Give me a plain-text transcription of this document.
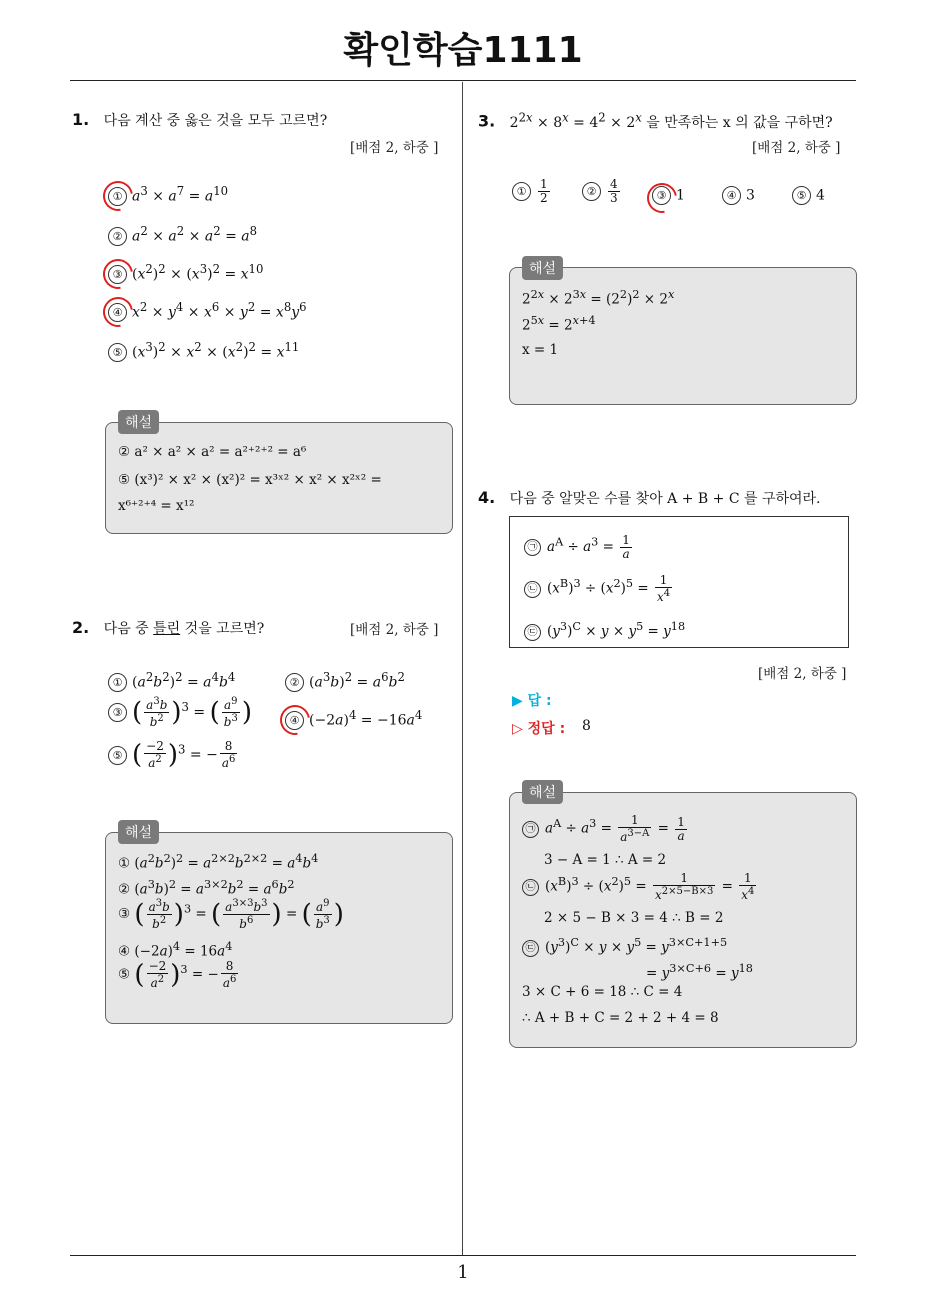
확인학습1111
1. 다음 계산 중 옳은 것을 모두 고르면?
[배점 2, 하중 ]
① $a^3 \times a^7 = a^{10}$
② $a^2 \times a^2 \times a^2 = a^8$
③ $(x^2)^2 \times (x^3)^2 = x^{10}$
④ $x^2 \times y^4 \times x^6 \times y^2 = x^8y^6$
⑤ $(x^3)^2 \times x^2 \times (x^2)^2 = x^{11}$
해설
② a² × a² × a² = a²⁺²⁺² = a⁶
⑤ (x³)² × x² × (x²)² = x³ˣ² × x² × x²ˣ² =
x⁶⁺²⁺⁴ = x¹²
2. 다음 중 틀린 것을 고르면?	[배점 2, 하중 ]
① $(a^2b^2)^2 = a^4b^4$	② $(a^3b)^2 = a^6b^2$
③ ( $\frac{a^3b}{b^2} )^3$ = ( $\frac{a^9}{b^3}$ )	④ $(-2a)^4 = -16a^4$
⑤ ( $\frac{-2}{a^2} )^3$ = − $\frac{8}{a^6}$
해설
① $(a^2b^2)^2 = a^{2\times 2}b^{2\times 2} = a^4b^4$
② $(a^3b)^2 = a^{3\times 2}b^2 = a^6b^2$
③ ( $\frac{a^3b}{b^2} )^3$ = ( $\frac{a^{3\times 3}b^3}{b^6}$ ) = ( $\frac{a^9}{b^3}$ )
④ $(-2a)^4 = 16a^4$
⑤ ( $\frac{-2}{a^2} )^3$ = − $\frac{8}{a^6}$
3. $2^{2x} \times 8^x = 4^2 \times 2^x$ 을 만족하는 x 의 값을 구하면?
[배점 2, 하중 ]
① $\frac{1}{2}$	② $\frac{4}{3}$	③ 1	④ 3	⑤ 4
해설
$2^{2x} \times 2^{3x} = (2^2)^2 \times 2^x$
$2^{5x} = 2^{x+4}$
x = 1
4. 다음 중 알맞은 수를 찾아 A + B + C 를 구하여라.
㉠ $a^A \div a^3 = \frac{1}{a}$
㉡ $(x^B)^3 \div (x^2)^5 = \frac{1}{x^4}$
㉢ $(y^3)^C \times y \times y^5 = y^{18}$
[배점 2, 하중 ]
▶ 답 :
▷ 정답 : 8
해설
㉠ $a^A \div a^3 = \frac{1}{a^{3-A}} = \frac{1}{a}$
3 − A = 1 ∴ A = 2
㉡ $(x^B)^3 \div (x^2)^5 = \frac{1}{x^{2\times 5-B\times 3}} = \frac{1}{x^4}$
2 × 5 − B × 3 = 4 ∴ B = 2
㉢ $(y^3)^C \times y \times y^5 = y^{3\times C+1+5}$
= $y^{3\times C+6} = y^{18}$
3 × C + 6 = 18 ∴ C = 4
∴ A + B + C = 2 + 2 + 4 = 8
1
